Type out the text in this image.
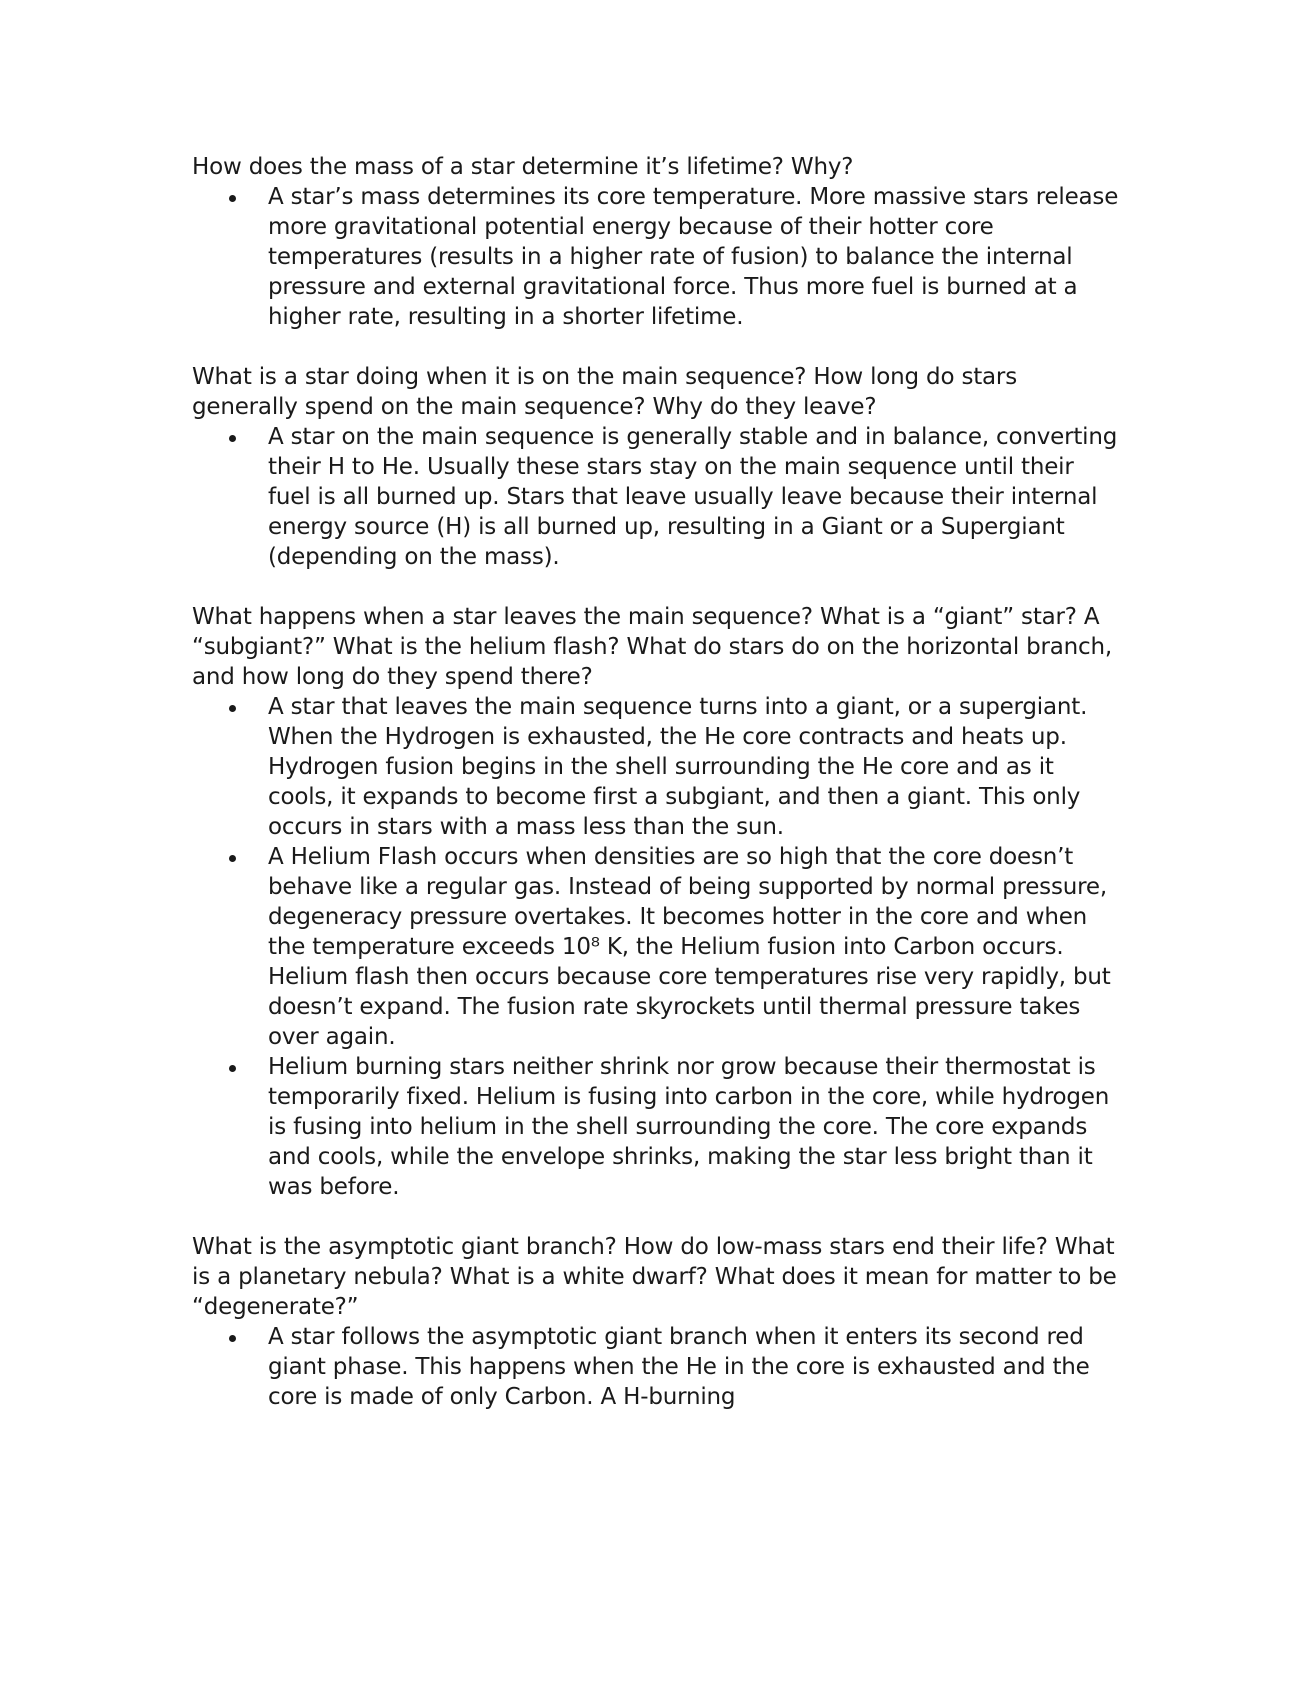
How does the mass of a star determine it’s lifetime? Why?

A star’s mass determines its core temperature. More massive stars release more gravitational potential energy because of their hotter core temperatures (results in a higher rate of fusion) to balance the internal pressure and external gravitational force. Thus more fuel is burned at a higher rate, resulting in a shorter lifetime.

What is a star doing when it is on the main sequence? How long do stars generally spend on the main sequence? Why do they leave?

A star on the main sequence is generally stable and in balance, converting their H to He. Usually these stars stay on the main sequence until their fuel is all burned up. Stars that leave usually leave because their internal energy source (H) is all burned up, resulting in a Giant or a Supergiant (depending on the mass).

What happens when a star leaves the main sequence? What is a “giant” star? A “subgiant?” What is the helium flash? What do stars do on the horizontal branch, and how long do they spend there?

A star that leaves the main sequence turns into a giant, or a supergiant. When the Hydrogen is exhausted, the He core contracts and heats up. Hydrogen fusion begins in the shell surrounding the He core and as it cools, it expands to become first a subgiant, and then a giant. This only occurs in stars with a mass less than the sun.
A Helium Flash occurs when densities are so high that the core doesn’t behave like a regular gas. Instead of being supported by normal pressure, degeneracy pressure overtakes. It becomes hotter in the core and when the temperature exceeds 10⁸ K, the Helium fusion into Carbon occurs. Helium flash then occurs because core temperatures rise very rapidly, but doesn’t expand. The fusion rate skyrockets until thermal pressure takes over again.
Helium burning stars neither shrink nor grow because their thermostat is temporarily fixed. Helium is fusing into carbon in the core, while hydrogen is fusing into helium in the shell surrounding the core. The core expands and cools, while the envelope shrinks, making the star less bright than it was before.

What is the asymptotic giant branch? How do low-mass stars end their life? What is a planetary nebula? What is a white dwarf? What does it mean for matter to be “degenerate?”

A star follows the asymptotic giant branch when it enters its second red giant phase. This happens when the He in the core is exhausted and the core is made of only Carbon. A H-burning
